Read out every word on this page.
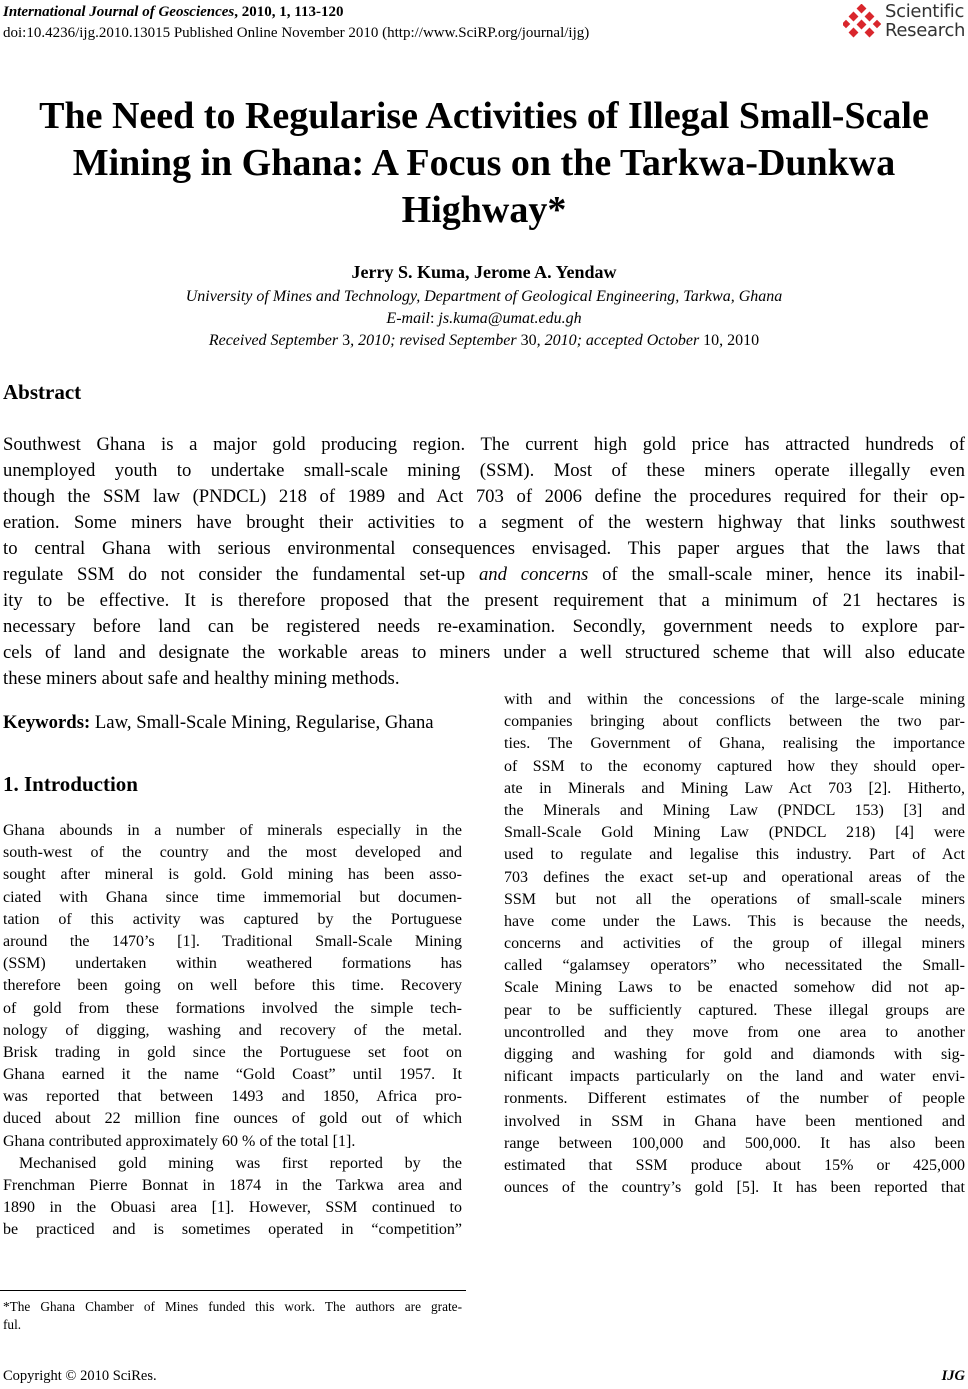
International Journal of Geosciences, 2010, 1, 113-120
doi:10.4236/ijg.2010.13015 Published Online November 2010 (http://www.SciRP.org/journal/ijg)
Scientific
Research
The Need to Regularise Activities of Illegal Small-Scale
Mining in Ghana: A Focus on the Tarkwa-Dunkwa
Highway*
Jerry S. Kuma, Jerome A. Yendaw
University of Mines and Technology, Department of Geological Engineering, Tarkwa, Ghana
E-mail: js.kuma@umat.edu.gh
Received September 3, 2010; revised September 30, 2010; accepted October 10, 2010
Abstract
Southwest Ghana is a major gold producing region. The current high gold price has attracted hundreds of
unemployed youth to undertake small-scale mining (SSM). Most of these miners operate illegally even
though the SSM law (PNDCL) 218 of 1989 and Act 703 of 2006 define the procedures required for their op-
eration. Some miners have brought their activities to a segment of the western highway that links southwest
to central Ghana with serious environmental consequences envisaged. This paper argues that the laws that
regulate SSM do not consider the fundamental set-up and concerns of the small-scale miner, hence its inabil-
ity to be effective. It is therefore proposed that the present requirement that a minimum of 21 hectares is
necessary before land can be registered needs re-examination. Secondly, government needs to explore par-
cels of land and designate the workable areas to miners under a well structured scheme that will also educate
these miners about safe and healthy mining methods.
Keywords: Law, Small-Scale Mining, Regularise, Ghana
1. Introduction
Ghana abounds in a number of minerals especially in the
south-west of the country and the most developed and
sought after mineral is gold. Gold mining has been asso-
ciated with Ghana since time immemorial but documen-
tation of this activity was captured by the Portuguese
around the 1470’s [1]. Traditional Small-Scale Mining
(SSM) undertaken within weathered formations has
therefore been going on well before this time. Recovery
of gold from these formations involved the simple tech-
nology of digging, washing and recovery of the metal.
Brisk trading in gold since the Portuguese set foot on
Ghana earned it the name “Gold Coast” until 1957. It
was reported that between 1493 and 1850, Africa pro-
duced about 22 million fine ounces of gold out of which
Ghana contributed approximately 60 % of the total [1].
Mechanised gold mining was first reported by the
Frenchman Pierre Bonnat in 1874 in the Tarkwa area and
1890 in the Obuasi area [1]. However, SSM continued to
be practiced and is sometimes operated in “competition”
with and within the concessions of the large-scale mining
companies bringing about conflicts between the two par-
ties. The Government of Ghana, realising the importance
of SSM to the economy captured how they should oper-
ate in Minerals and Mining Law Act 703 [2]. Hitherto,
the Minerals and Mining Law (PNDCL 153) [3] and
Small-Scale Gold Mining Law (PNDCL 218) [4] were
used to regulate and legalise this industry. Part of Act
703 defines the exact set-up and operational areas of the
SSM but not all the operations of small-scale miners
have come under the Laws. This is because the needs,
concerns and activities of the group of illegal miners
called “galamsey operators” who necessitated the Small-
Scale Mining Laws to be enacted somehow did not ap-
pear to be sufficiently captured. These illegal groups are
uncontrolled and they move from one area to another
digging and washing for gold and diamonds with sig-
nificant impacts particularly on the land and water envi-
ronments. Different estimates of the number of people
involved in SSM in Ghana have been mentioned and
range between 100,000 and 500,000. It has also been
estimated that SSM produce about 15% or 425,000
ounces of the country’s gold [5]. It has been reported that
*The Ghana Chamber of Mines funded this work. The authors are grate-
ful.
Copyright © 2010 SciRes.	IJG
